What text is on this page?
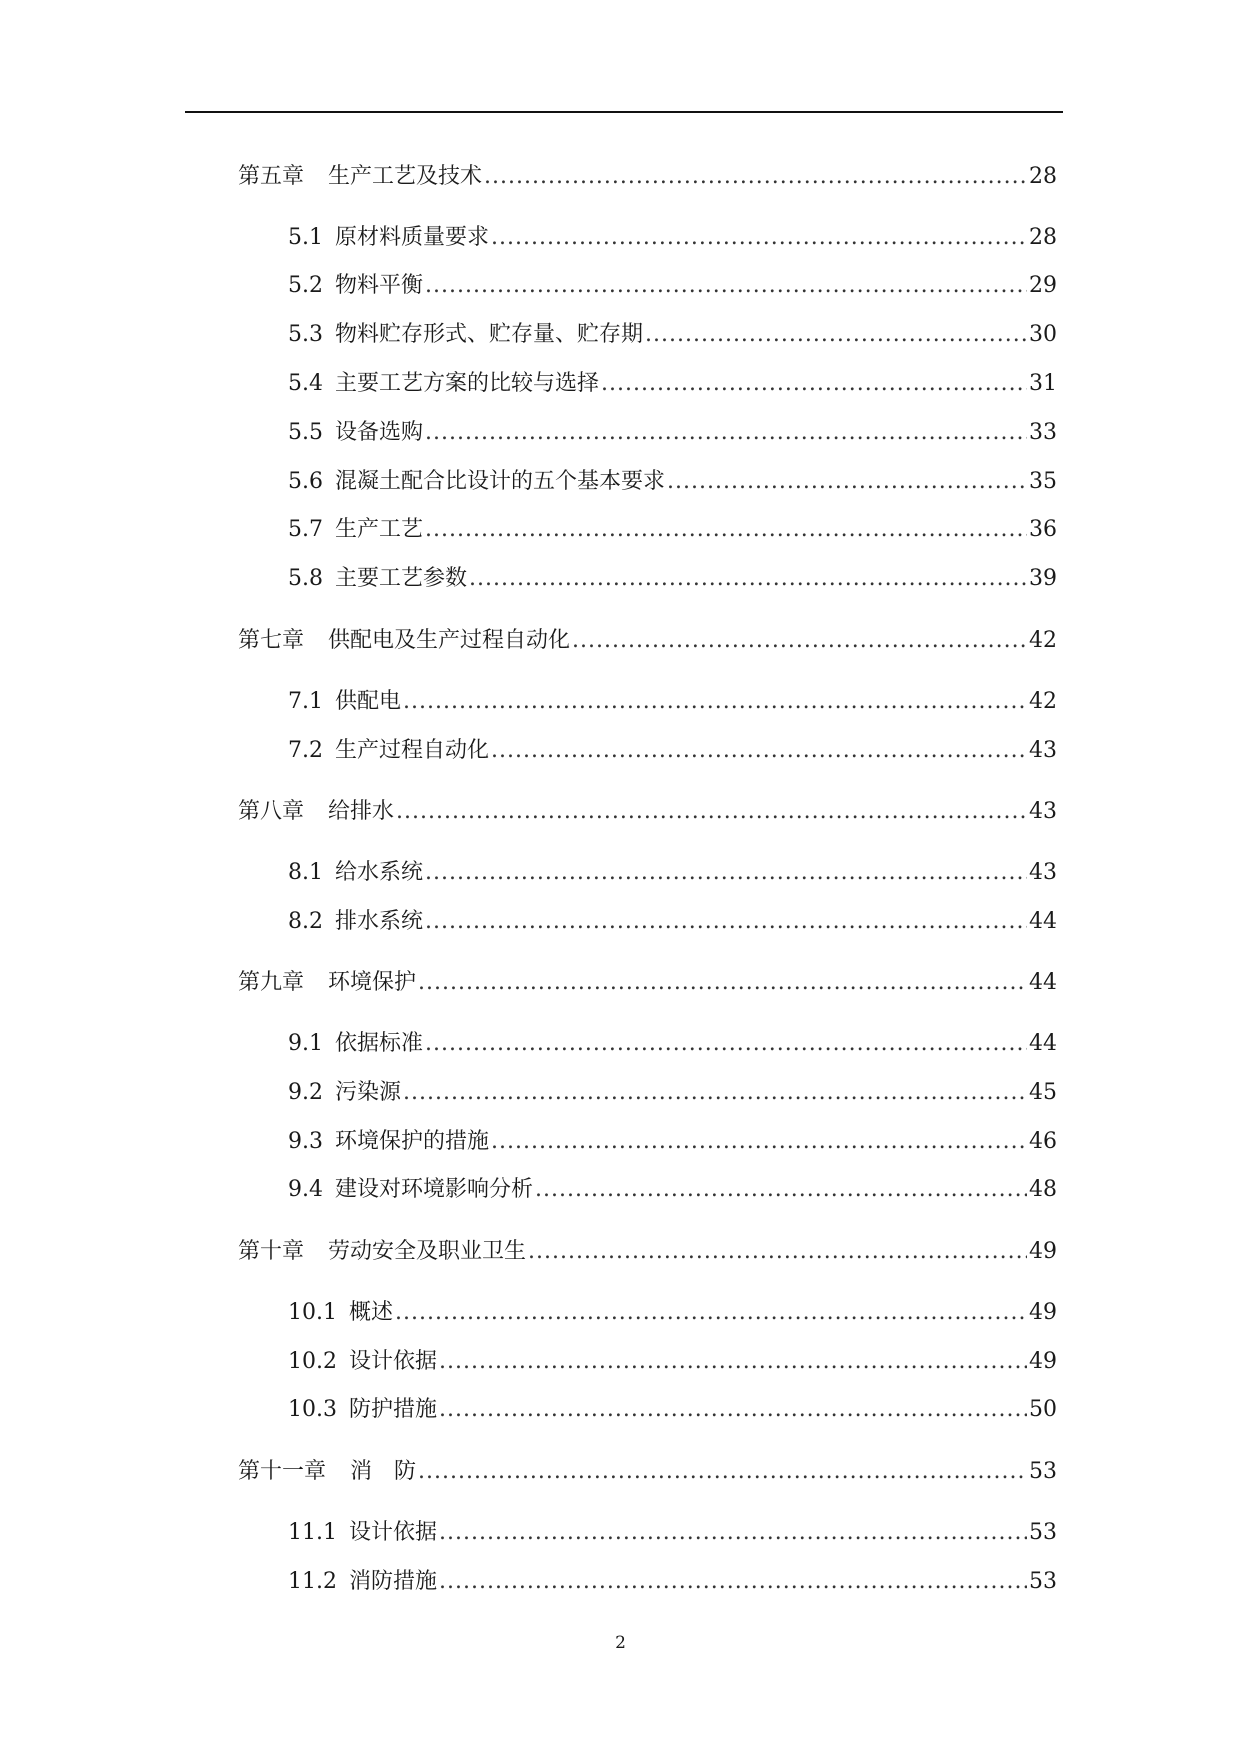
第五章	生产工艺及技术 .....	28
5.1 原材料质量要求 .....	28
5.2 物料平衡 .....	29
5.3 物料贮存形式、贮存量、贮存期 .....	30
5.4 主要工艺方案的比较与选择 .....	31
5.5 设备选购 .....	33
5.6 混凝土配合比设计的五个基本要求 .....	35
5.7 生产工艺 .....	36
5.8 主要工艺参数 .....	39
第七章	供配电及生产过程自动化 .....	42
7.1 供配电 .....	42
7.2 生产过程自动化 .....	43
第八章	给排水 .....	43
8.1 给水系统 .....	43
8.2 排水系统 .....	44
第九章	环境保护 .....	44
9.1 依据标准 .....	44
9.2 污染源 .....	45
9.3 环境保护的措施 .....	46
9.4 建设对环境影响分析 .....	48
第十章	劳动安全及职业卫生 .....	49
10.1 概述 .....	49
10.2 设计依据 .....	49
10.3 防护措施 .....	50
第十一章	消　防 .....	53
11.1 设计依据 .....	53
11.2 消防措施 .....	53
2
